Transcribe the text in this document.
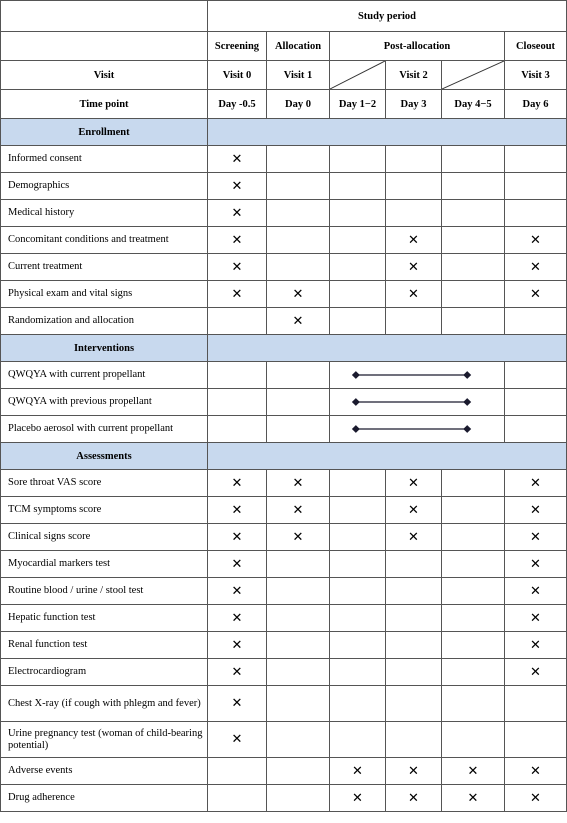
	Study period					
	Screening	Allocation	Post-allocation			Closeout
Visit	Visit 0	Visit 1		Visit 2		Visit 3
Time point	Day -0.5	Day 0	Day 1−2	Day 3	Day 4−5	Day 6
Enrollment						
Informed consent	✕					
Demographics	✕					
Medical history	✕					
Concomitant conditions and treatment	✕			✕		✕
Current treatment	✕			✕		✕
Physical exam and vital signs	✕	✕		✕		✕
Randomization and allocation		✕				
Interventions						
QWQYA with current propellant			

QWQYA with previous propellant			

Placebo aerosol with current propellant			

Assessments						
Sore throat VAS score	✕	✕		✕		✕
TCM symptoms score	✕	✕		✕		✕
Clinical signs score	✕	✕		✕		✕
Myocardial markers test	✕					✕
Routine blood / urine / stool test	✕					✕
Hepatic function test	✕					✕
Renal function test	✕					✕
Electrocardiogram	✕					✕
Chest X-ray (if cough with phlegm and fever)	✕					
Urine pregnancy test (woman of child-bearing potential)	✕					
Adverse events			✕	✕	✕	✕
Drug adherence			✕	✕	✕	✕
